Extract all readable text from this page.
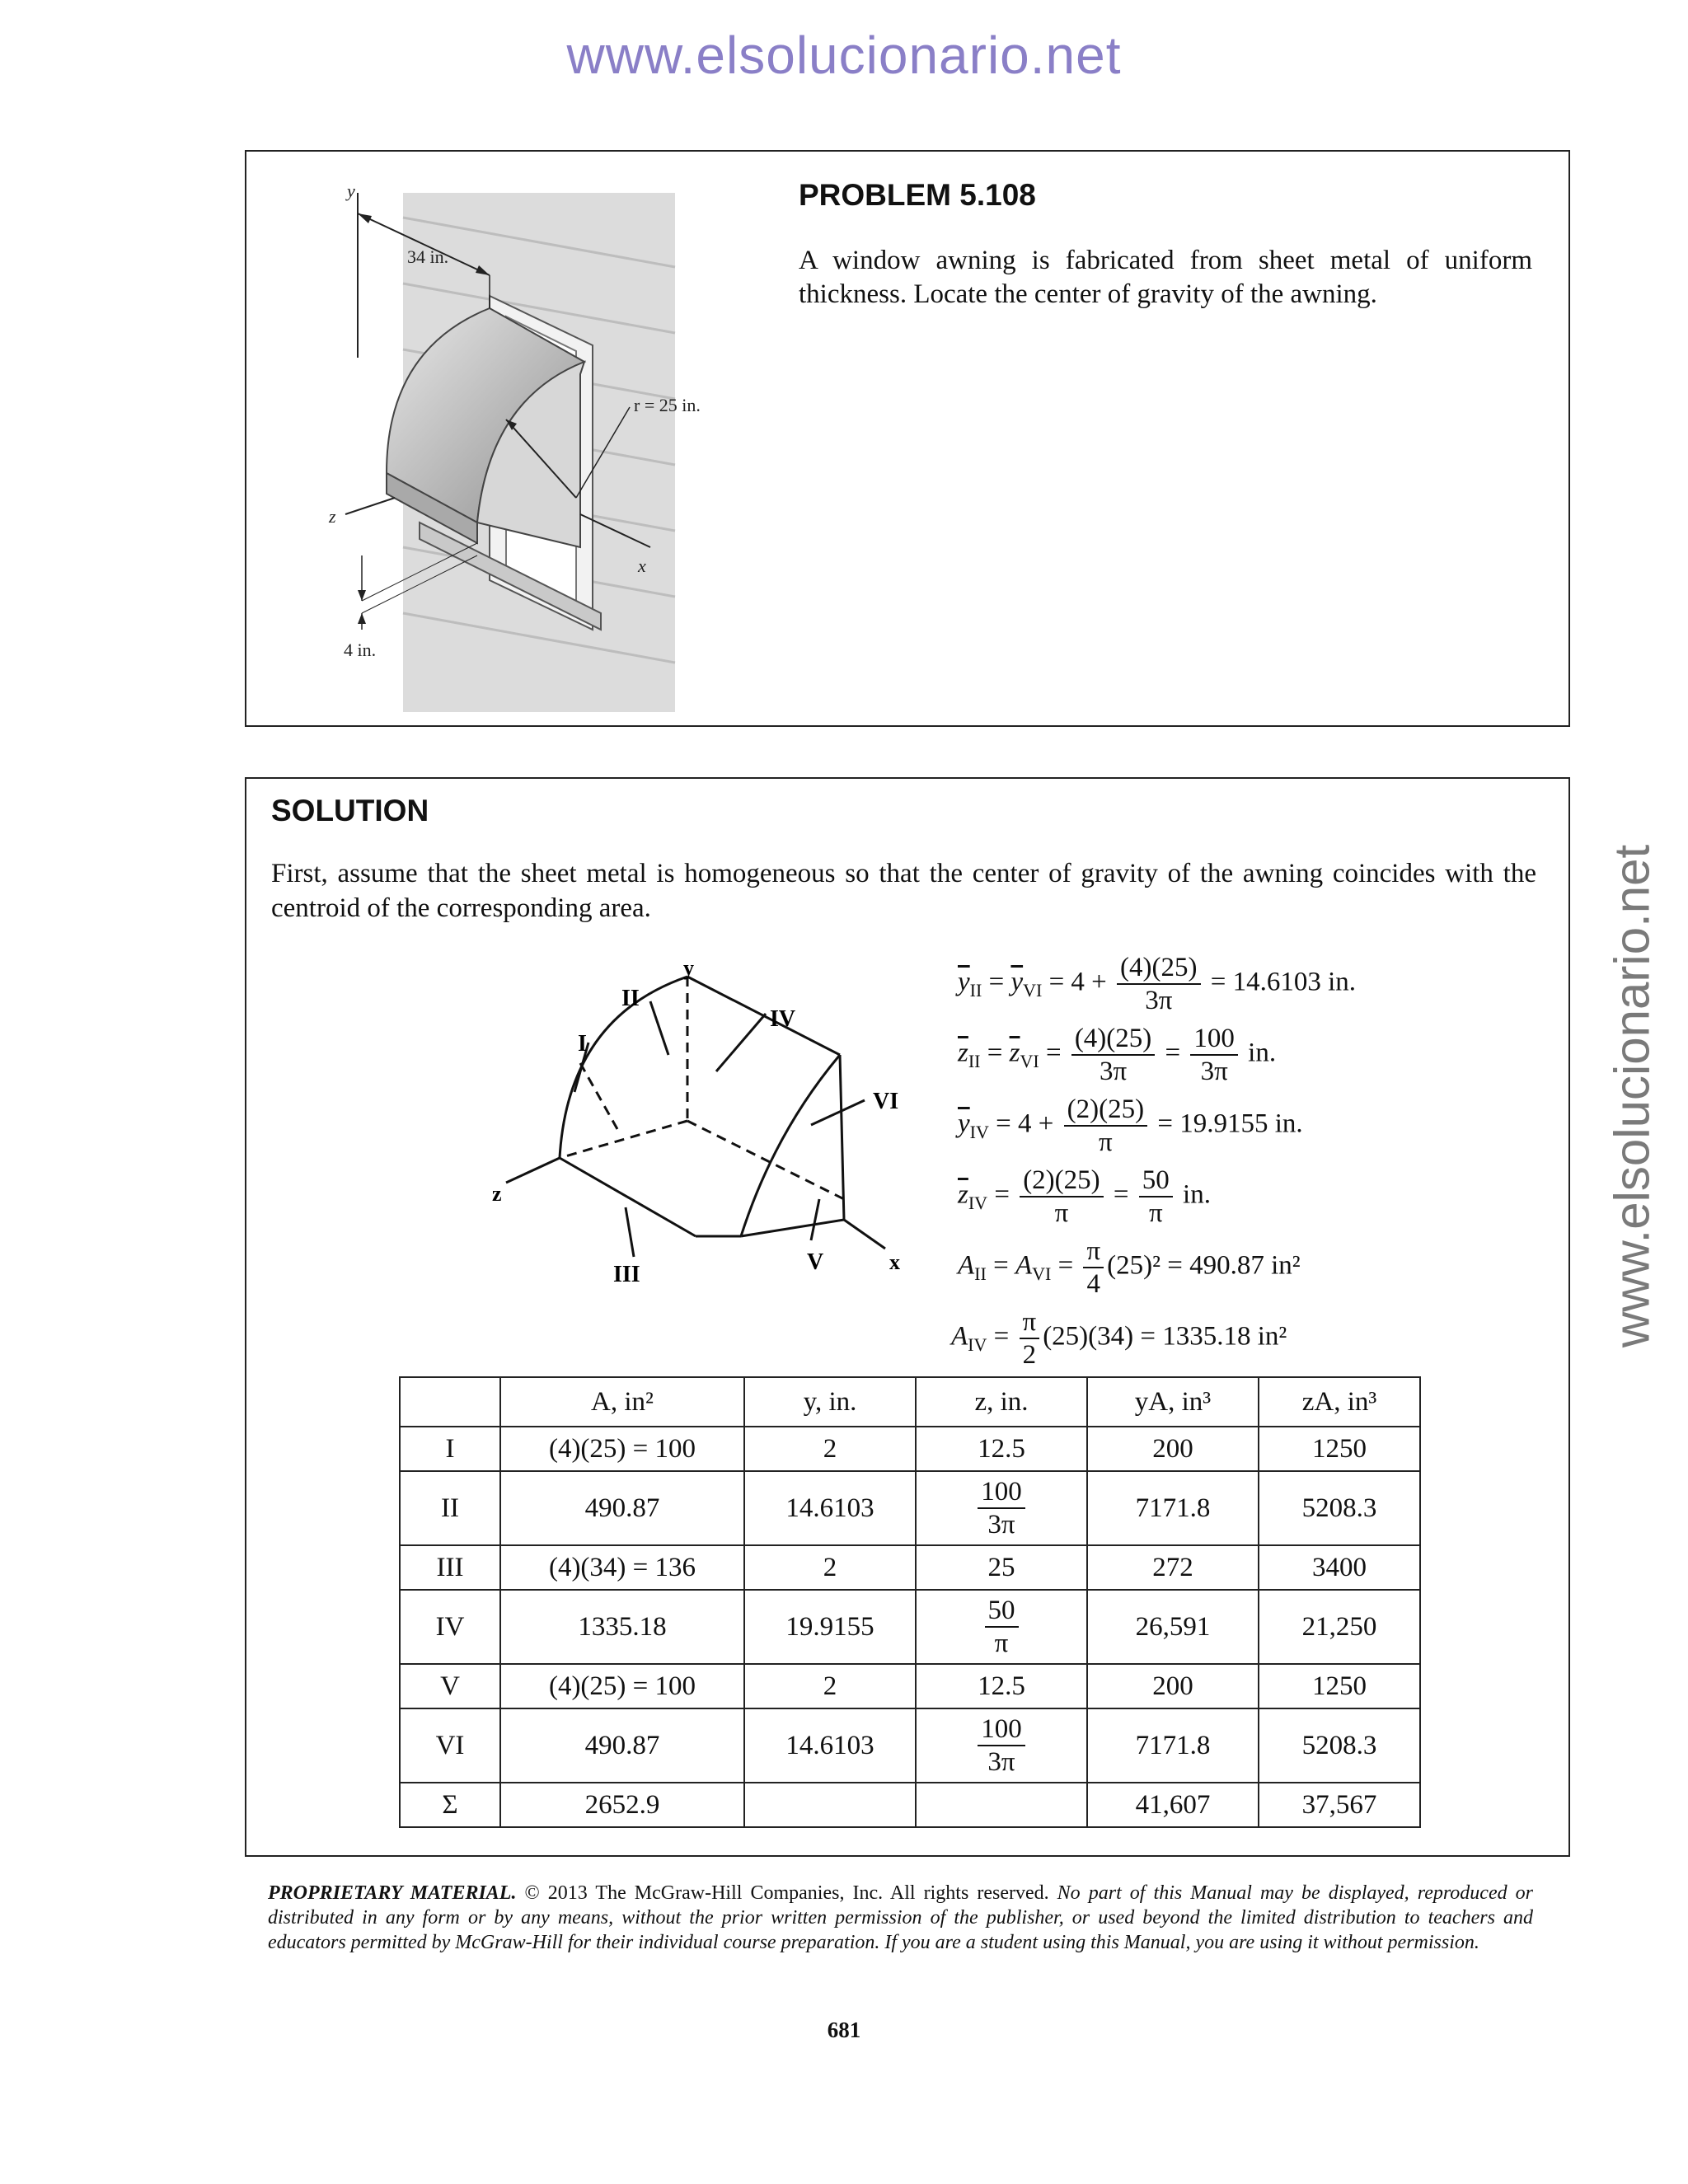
www.elsolucionario.net
www.elsolucionario.net
y
z
x
34 in.
r = 25 in.
4 in.
PROBLEM 5.108
A window awning is fabricated from sheet metal of uniform thickness. Locate the center of gravity of the awning.
SOLUTION
First, assume that the sheet metal is homogeneous so that the center of gravity of the awning coincides with the centroid of the corresponding area.
y
II
I
IV
VI
z
III	V	x
$\overline{y}_{II} = \overline{y}_{VI} = 4 + \frac{(4)(25)}{3\pi} = 14.6103$ in.
$\overline{z}_{II} = \overline{z}_{VI} = \frac{(4)(25)}{3\pi} = \frac{100}{3\pi}$ in.
$\overline{y}_{IV} = 4 + \frac{(2)(25)}{\pi} = 19.9155$ in.
$\overline{z}_{IV} = \frac{(2)(25)}{\pi} = \frac{50}{\pi}$ in.
$A_{II} = A_{VI} = \frac{\pi}{4} (25)^2 = 490.87$ in²
$A_{IV} = \frac{\pi}{2} (25)(34) = 1335.18$ in²
	A, in²	y, in.	z, in.	yA, in³	zA, in³
I	(4)(25) = 100	2	12.5	200	1250
II	490.87	14.6103	$\frac{100}{3\pi}$	7171.8	5208.3
III	(4)(34) = 136	2	25	272	3400
IV	1335.18	19.9155	$\frac{50}{\pi}$	26,591	21,250
V	(4)(25) = 100	2	12.5	200	1250
VI	490.87	14.6103	$\frac{100}{3\pi}$	7171.8	5208.3
Σ	2652.9			41,607	37,567
PROPRIETARY MATERIAL. © 2013 The McGraw-Hill Companies, Inc. All rights reserved. No part of this Manual may be displayed, reproduced or distributed in any form or by any means, without the prior written permission of the publisher, or used beyond the limited distribution to teachers and educators permitted by McGraw-Hill for their individual course preparation. If you are a student using this Manual, you are using it without permission.
681
